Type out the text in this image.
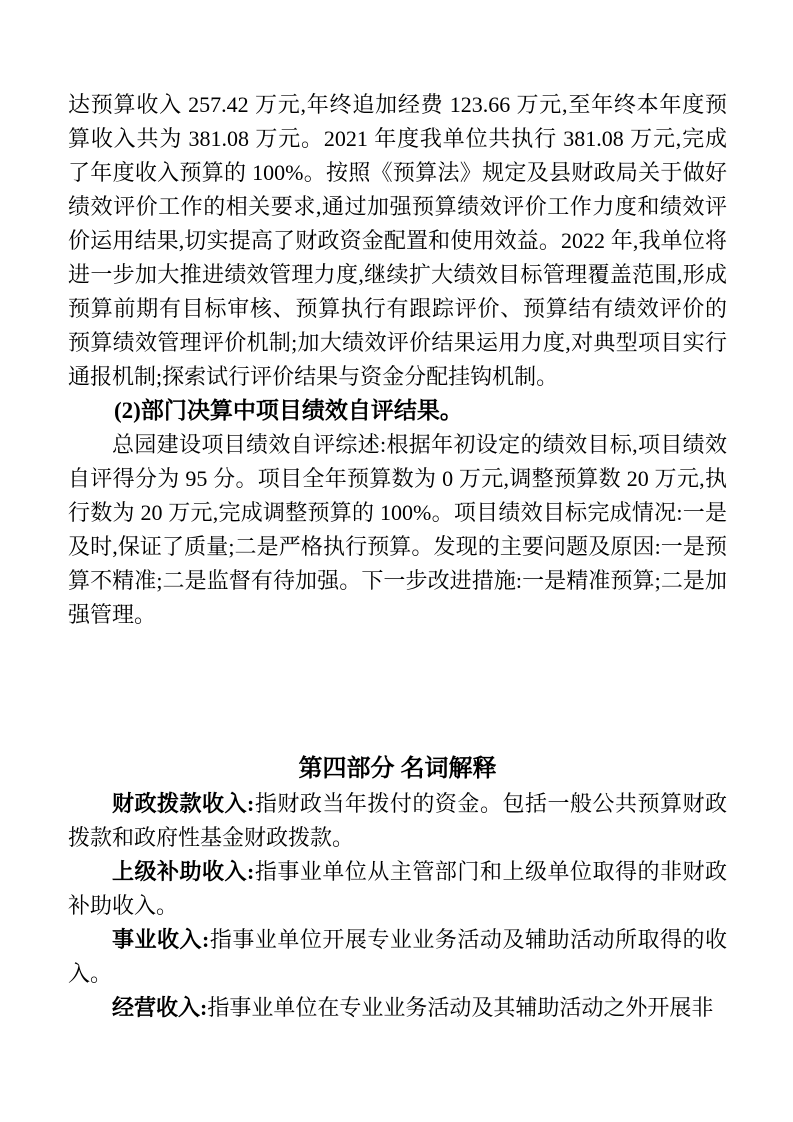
达预算收入 257.42 万元,年终追加经费 123.66 万元,至年终本年度预算收入共为 381.08 万元。2021 年度我单位共执行 381.08 万元,完成了年度收入预算的 100%。按照《预算法》规定及县财政局关于做好绩效评价工作的相关要求,通过加强预算绩效评价工作力度和绩效评价运用结果,切实提高了财政资金配置和使用效益。2022 年,我单位将进一步加大推进绩效管理力度,继续扩大绩效目标管理覆盖范围,形成预算前期有目标审核、预算执行有跟踪评价、预算结有绩效评价的预算绩效管理评价机制;加大绩效评价结果运用力度,对典型项目实行通报机制;探索试行评价结果与资金分配挂钩机制。

(2)部门决算中项目绩效自评结果。

总园建设项目绩效自评综述:根据年初设定的绩效目标,项目绩效自评得分为 95 分。项目全年预算数为 0 万元,调整预算数 20 万元,执行数为 20 万元,完成调整预算的 100%。项目绩效目标完成情况:一是及时,保证了质量;二是严格执行预算。发现的主要问题及原因:一是预算不精准;二是监督有待加强。下一步改进措施:一是精准预算;二是加强管理。

第四部分 名词解释

财政拨款收入:指财政当年拨付的资金。包括一般公共预算财政拨款和政府性基金财政拨款。

上级补助收入:指事业单位从主管部门和上级单位取得的非财政补助收入。

事业收入:指事业单位开展专业业务活动及辅助活动所取得的收入。

经营收入:指事业单位在专业业务活动及其辅助活动之外开展非
